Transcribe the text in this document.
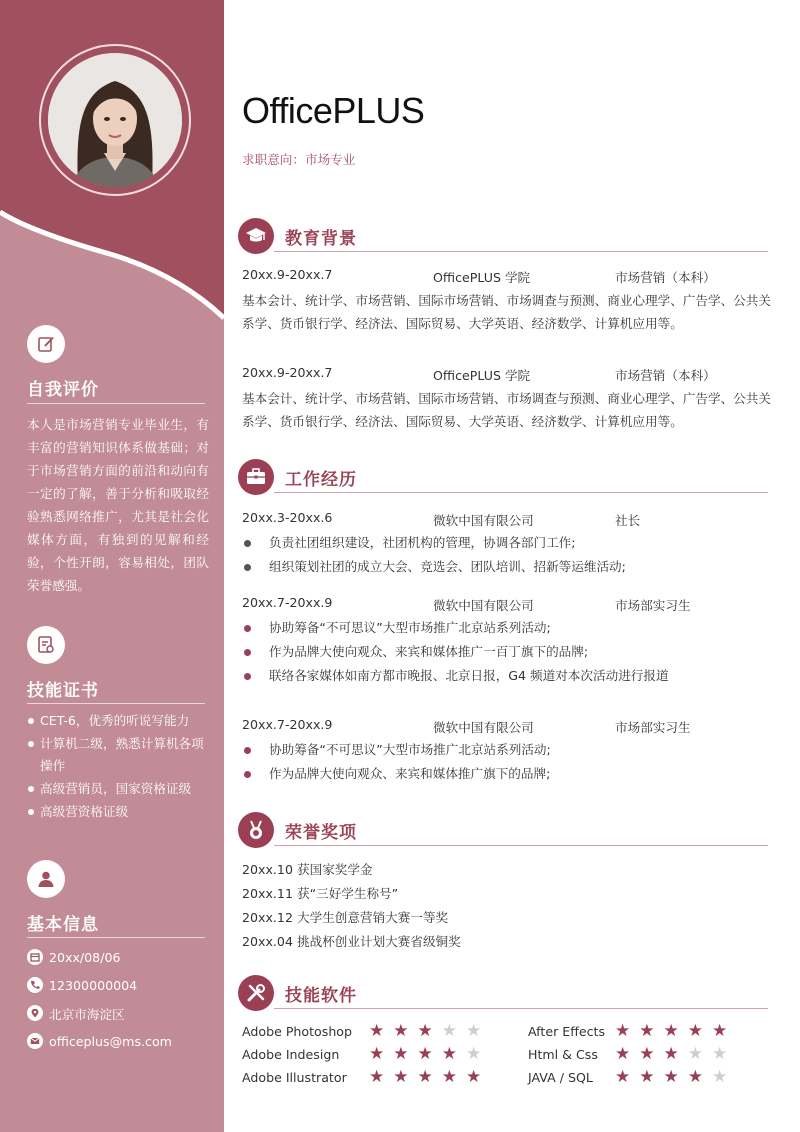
自我评价
本人是市场营销专业毕业生，有丰富的营销知识体系做基础；对于市场营销方面的前沿和动向有一定的了解，善于分析和吸取经验熟悉网络推广，尤其是社会化媒体方面，有独到的见解和经验，个性开朗，容易相处，团队荣誉感强。
技能证书
CET-6，优秀的听说写能力
计算机二级，熟悉计算机各项操作
高级营销员，国家资格证级
高级营资格证级
基本信息
20xx/08/06
12300000004
北京市海淀区
officeplus@ms.com
OfficePLUS
求职意向：市场专业
教育背景
20xx.9-20xx.7	OfficePLUS 学院	市场营销（本科）
基本会计、统计学、市场营销、国际市场营销、市场调查与预测、商业心理学、广告学、公共关系学、货币银行学、经济法、国际贸易、大学英语、经济数学、计算机应用等。
20xx.9-20xx.7	OfficePLUS 学院	市场营销（本科）
基本会计、统计学、市场营销、国际市场营销、市场调查与预测、商业心理学、广告学、公共关系学、货币银行学、经济法、国际贸易、大学英语、经济数学、计算机应用等。
工作经历
20xx.3-20xx.6	微软中国有限公司	社长
负责社团组织建设，社团机构的管理，协调各部门工作;
组织策划社团的成立大会、竞选会、团队培训、招新等运维活动;
20xx.7-20xx.9	微软中国有限公司	市场部实习生
协助筹备“不可思议”大型市场推广北京站系列活动;
作为品牌大使向观众、来宾和媒体推广一百丁旗下的品牌;
联络各家媒体如南方都市晚报、北京日报，G4 频道对本次活动进行报道
20xx.7-20xx.9	微软中国有限公司	市场部实习生
协助筹备“不可思议”大型市场推广北京站系列活动;
作为品牌大使向观众、来宾和媒体推广旗下的品牌;
荣誉奖项
20xx.10 获国家奖学金
20xx.11 获“三好学生称号”
20xx.12 大学生创意营销大赛一等奖
20xx.04 挑战杯创业计划大赛省级铜奖
技能软件
Adobe Photoshop ★ ★ ★ ★ ★
Adobe Indesign ★ ★ ★ ★ ★
Adobe Illustrator ★ ★ ★ ★ ★
After Effects ★ ★ ★ ★ ★
Html & Css ★ ★ ★ ★ ★
JAVA / SQL ★ ★ ★ ★ ★
